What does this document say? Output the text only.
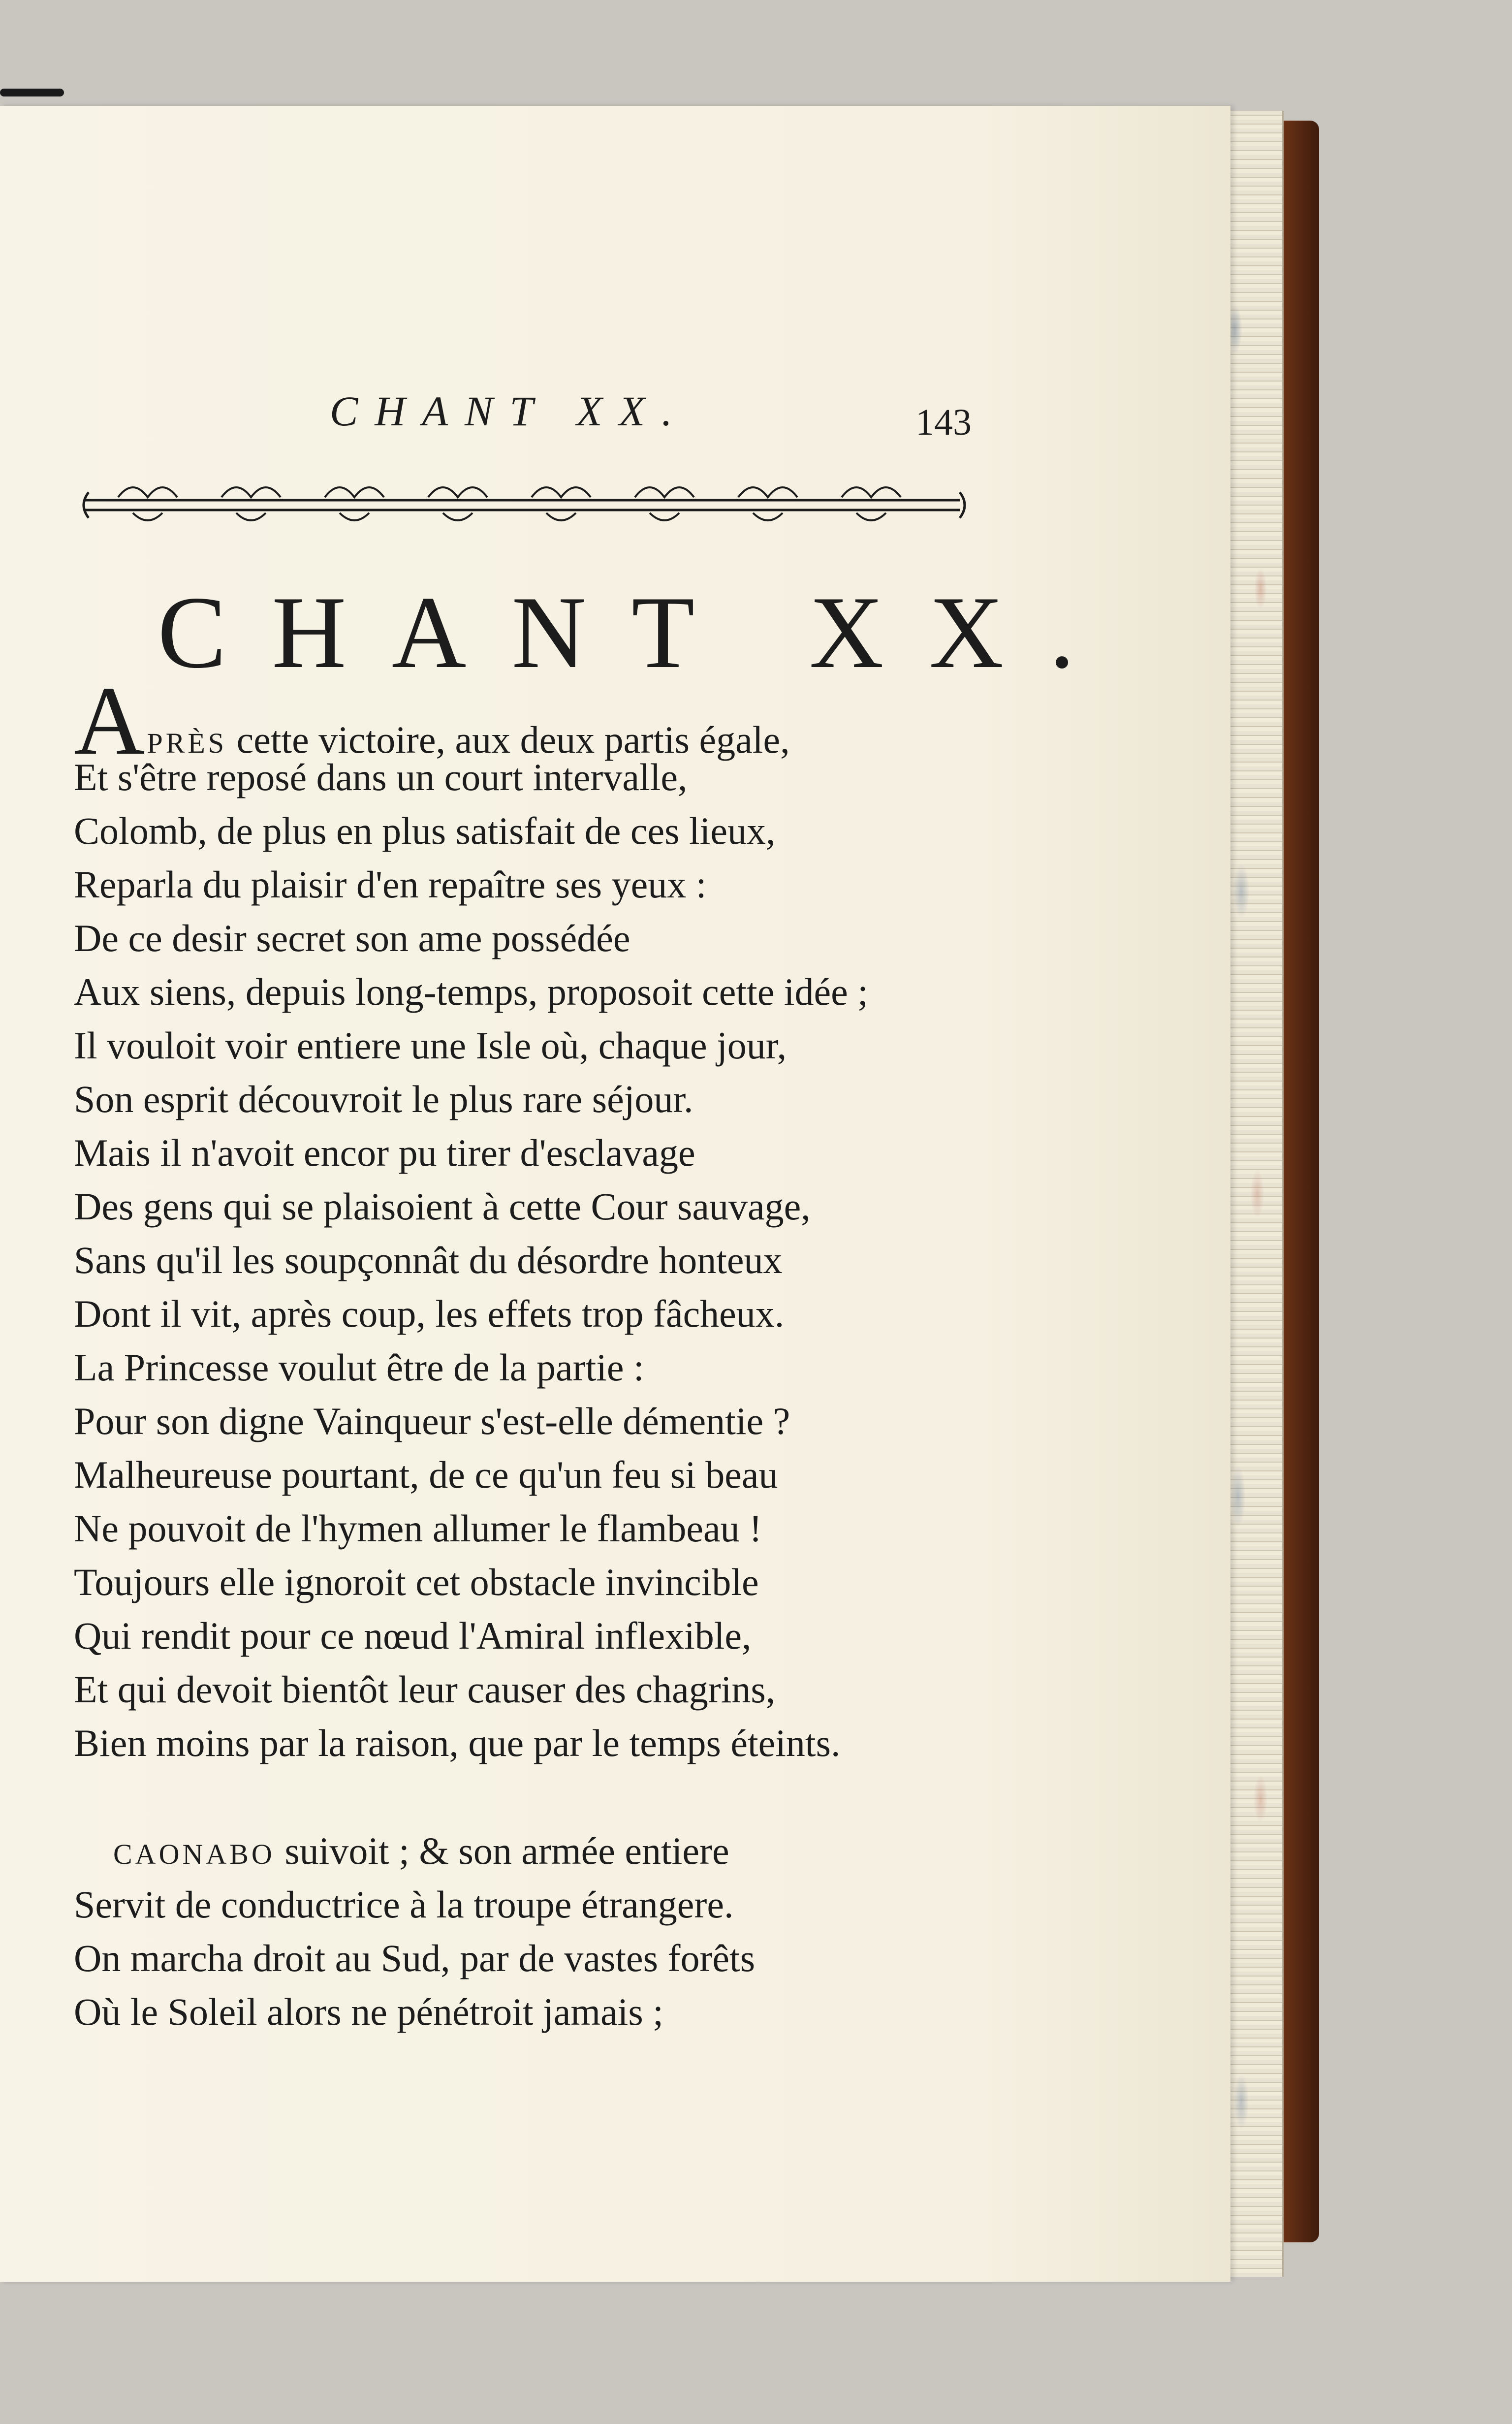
CHANT XX.	143
CHANT XX.
APRÈS cette victoire, aux deux partis égale,
Et s'être reposé dans un court intervalle,
Colomb, de plus en plus satisfait de ces lieux,
Reparla du plaisir d'en repaître ses yeux :
De ce desir secret son ame possédée
Aux siens, depuis long-temps, proposoit cette idée ;
Il vouloit voir entiere une Isle où, chaque jour,
Son esprit découvroit le plus rare séjour.
Mais il n'avoit encor pu tirer d'esclavage
Des gens qui se plaisoient à cette Cour sauvage,
Sans qu'il les soupçonnât du désordre honteux
Dont il vit, après coup, les effets trop fâcheux.
La Princesse voulut être de la partie :
Pour son digne Vainqueur s'est-elle démentie ?
Malheureuse pourtant, de ce qu'un feu si beau
Ne pouvoit de l'hymen allumer le flambeau !
Toujours elle ignoroit cet obstacle invincible
Qui rendit pour ce nœud l'Amiral inflexible,
Et qui devoit bientôt leur causer des chagrins,
Bien moins par la raison, que par le temps éteints.
CAONABO suivoit ; & son armée entiere
Servit de conductrice à la troupe étrangere.
On marcha droit au Sud, par de vastes forêts
Où le Soleil alors ne pénétroit jamais ;
